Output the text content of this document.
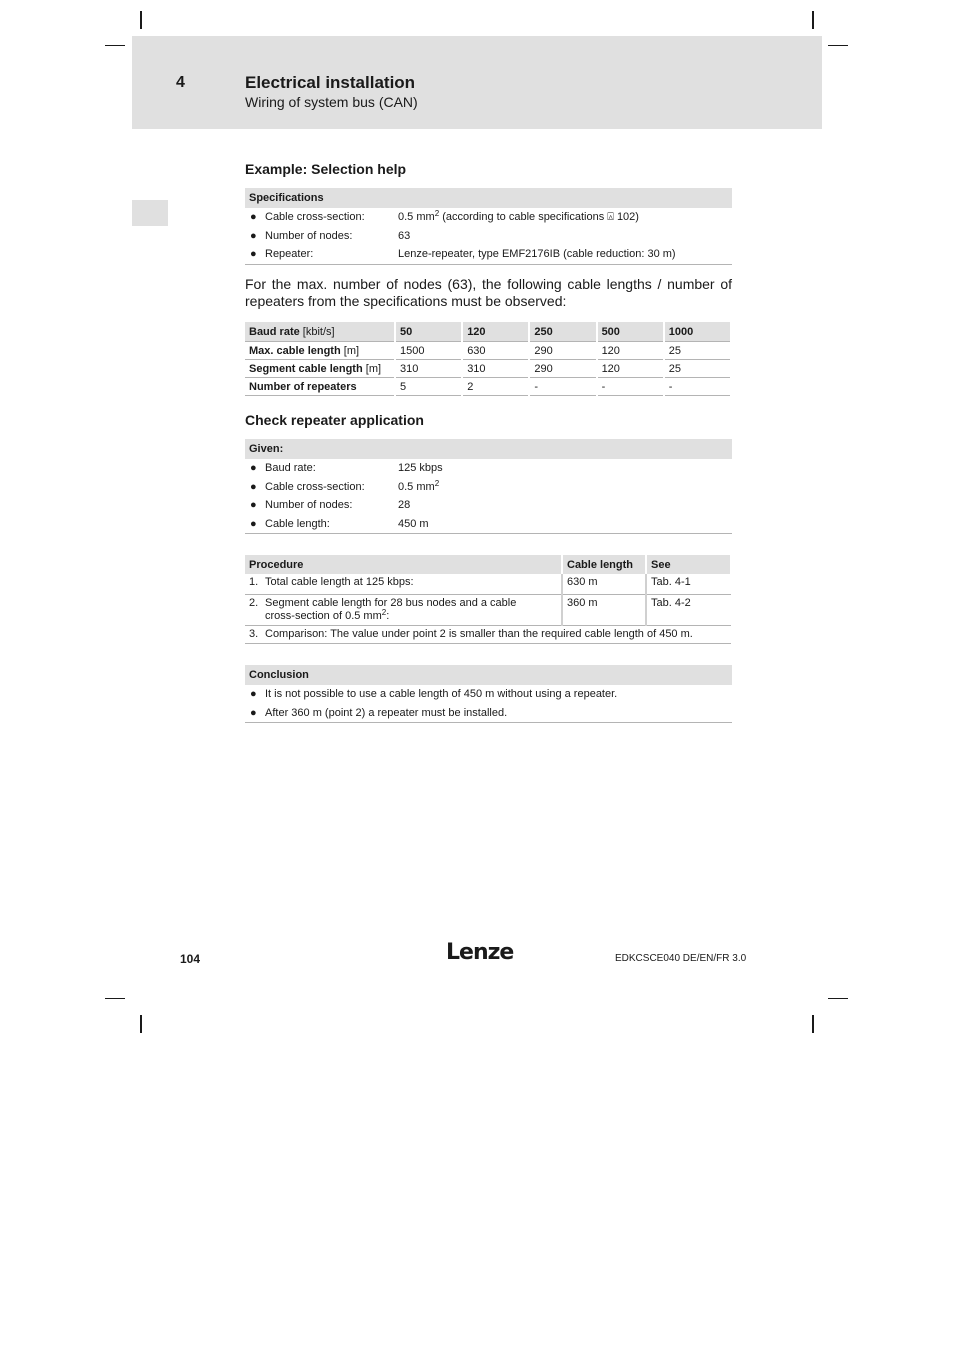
4	Electrical installation
Wiring of system bus (CAN)
Example: Selection help
Specifications
● Cable cross-section:	0.5 $mm^2$ (according to cable specifications ⍓ 102)
● Number of nodes:	63
● Repeater:	Lenze-repeater, type EMF2176IB (cable reduction: 30 m)
For the max. number of nodes (63), the following cable lengths / number of repeaters from the specifications must be observed:
Baud rate [kbit/s]	50	120	250	500	1000
Max. cable length [m]	1500	630	290	120	25
Segment cable length [m]	310	310	290	120	25
Number of repeaters	5	2	-	-	-
Check repeater application
Given:
● Baud rate:	125 kbps
● Cable cross-section:	0.5 $mm^2$
● Number of nodes:	28
● Cable length:	450 m
Procedure	Cable length	See
1. Total cable length at 125 kbps:	630 m	Tab. 4-1
2. Segment cable length for 28 bus nodes and a cable
cross-section of 0.5 $mm^2$:	360 m	Tab. 4-2
3. Comparison: The value under point 2 is smaller than the required cable length of 450 m.		
Conclusion
● It is not possible to use a cable length of 450 m without using a repeater.
● After 360 m (point 2) a repeater must be installed.
104	Lenze	EDKCSCE040 DE/EN/FR 3.0
